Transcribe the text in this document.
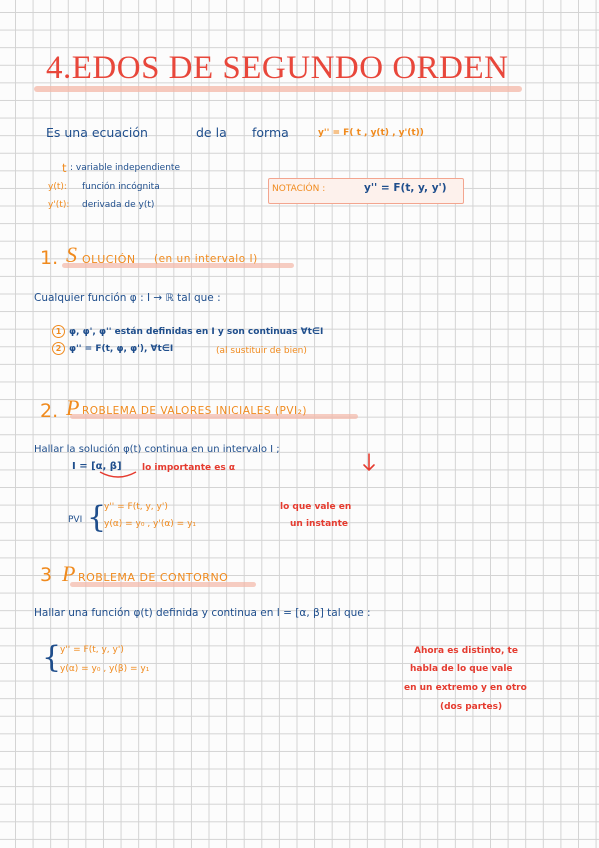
4.EDOS DE SEGUNDO ORDEN
Es una ecuación	de la forma	y'' = F( t , y(t) , y'(t))
t : variable independiente
y(t): función incógnita
y'(t): derivada de y(t)
NOTACIÓN :	y'' = F(t, y, y')
1. S OLUCIÓN (en un intervalo I)
Cualquier función φ : I → ℝ tal que :
1 φ, φ', φ'' están definidas en I y son continuas ∀t∈I
2 φ'' = F(t, φ, φ'), ∀t∈I	(al sustituir de bien)
2. P ROBLEMA DE VALORES INICIALES (PVI₂)
Hallar la solución φ(t) continua en un intervalo I ;
I = [α, β] lo importante es α
PVI {
y'' = F(t, y, y')
y(α) = y₀ , y'(α) = y₁
lo que vale en
un instante
3 P ROBLEMA DE CONTORNO
Hallar una función φ(t) definida y continua en I = [α, β] tal que :
{
y'' = F(t, y, y')
y(α) = y₀ , y(β) = y₁
Ahora es distinto, te
habla de lo que vale
en un extremo y en otro
(dos partes)
